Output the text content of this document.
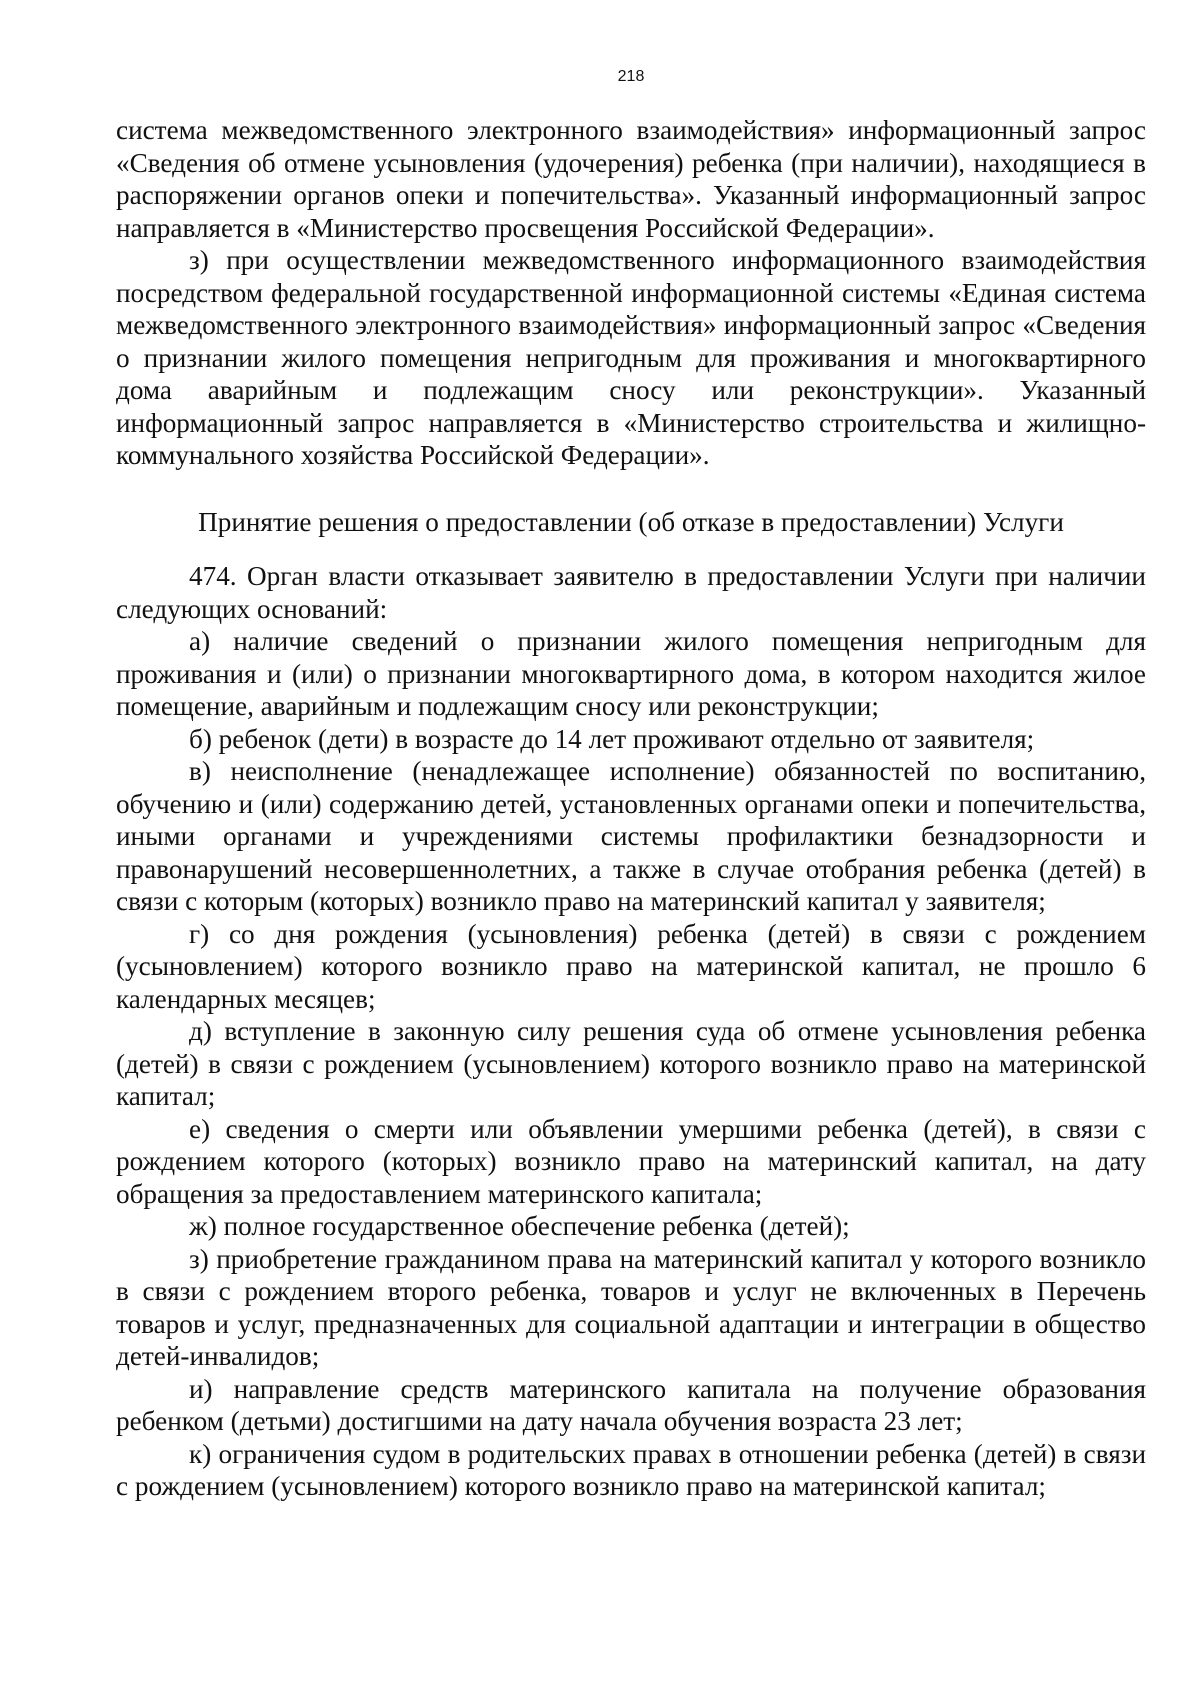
218

система межведомственного электронного взаимодействия» информационный запрос «Сведения об отмене усыновления (удочерения) ребенка (при наличии), находящиеся в распоряжении органов опеки и попечительства». Указанный информационный запрос направляется в «Министерство просвещения Российской Федерации».

з) при осуществлении межведомственного информационного взаимодействия посредством федеральной государственной информационной системы «Единая система межведомственного электронного взаимодействия» информационный запрос «Сведения о признании жилого помещения непригодным для проживания и многоквартирного дома аварийным и подлежащим сносу или реконструкции». Указанный информационный запрос направляется в «Министерство строительства и жилищно-коммунального хозяйства Российской Федерации».

Принятие решения о предоставлении (об отказе в предоставлении) Услуги

474. Орган власти отказывает заявителю в предоставлении Услуги при наличии следующих оснований:

а) наличие сведений о признании жилого помещения непригодным для проживания и (или) о признании многоквартирного дома, в котором находится жилое помещение, аварийным и подлежащим сносу или реконструкции;

б) ребенок (дети) в возрасте до 14 лет проживают отдельно от заявителя;

в) неисполнение (ненадлежащее исполнение) обязанностей по воспитанию, обучению и (или) содержанию детей, установленных органами опеки и попечительства, иными органами и учреждениями системы профилактики безнадзорности и правонарушений несовершеннолетних, а также в случае отобрания ребенка (детей) в связи с которым (которых) возникло право на материнский капитал у заявителя;

г) со дня рождения (усыновления) ребенка (детей) в связи с рождением (усыновлением) которого возникло право на материнской капитал, не прошло 6 календарных месяцев;

д) вступление в законную силу решения суда об отмене усыновления ребенка (детей) в связи с рождением (усыновлением) которого возникло право на материнской капитал;

е) сведения о смерти или объявлении умершими ребенка (детей), в связи с рождением которого (которых) возникло право на материнский капитал, на дату обращения за предоставлением материнского капитала;

ж) полное государственное обеспечение ребенка (детей);

з) приобретение гражданином права на материнский капитал у которого возникло в связи с рождением второго ребенка, товаров и услуг не включенных в Перечень товаров и услуг, предназначенных для социальной адаптации и интеграции в общество детей-инвалидов;

и) направление средств материнского капитала на получение образования ребенком (детьми) достигшими на дату начала обучения возраста 23 лет;

к) ограничения судом в родительских правах в отношении ребенка (детей) в связи с рождением (усыновлением) которого возникло право на материнской капитал;
